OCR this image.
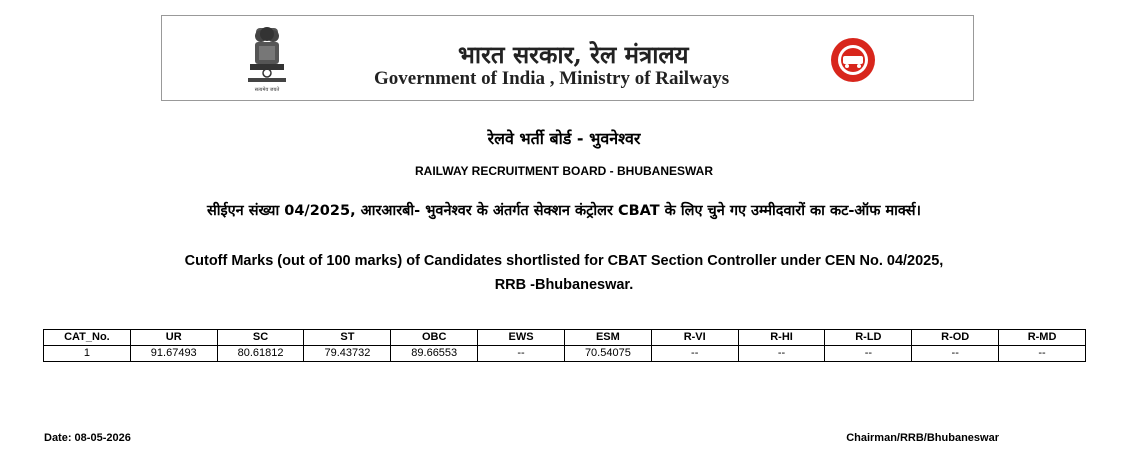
सत्यमेव जयते
भारत सरकार, रेल मंत्रालय
Government of India , Ministry of Railways
रेलवे भर्ती बोर्ड - भुवनेश्वर
RAILWAY RECRUITMENT BOARD - BHUBANESWAR
सीईएन संख्या 04/2025, आरआरबी- भुवनेश्वर के अंतर्गत सेक्शन कंट्रोलर CBAT के लिए चुने गए उम्मीदवारों का कट-ऑफ मार्क्स।
Cutoff Marks (out of 100 marks) of Candidates shortlisted for CBAT Section Controller under CEN No. 04/2025,
RRB -Bhubaneswar.
CAT_No.	UR	SC	ST	OBC	EWS	ESM	R-VI	R-HI	R-LD	R-OD	R-MD
1	91.67493	80.61812	79.43732	89.66553	--	70.54075	--	--	--	--	--
Date: 08-05-2026	Chairman/RRB/Bhubaneswar
